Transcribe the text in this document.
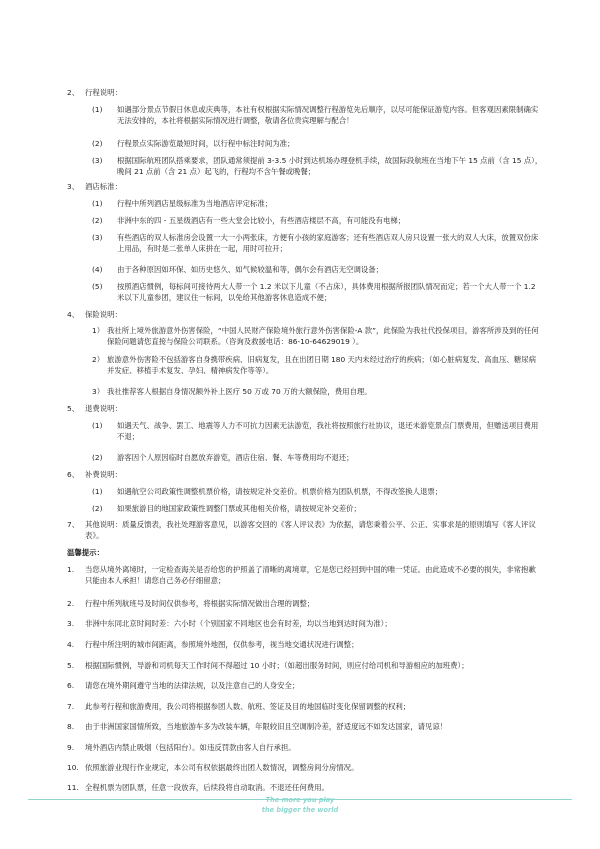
2、 行程说明：
(1) 如遇部分景点节假日休息或庆典等，本社有权根据实际情况调整行程游览先后顺序，以尽可能保证游览内容。但客观因素限制确实无法安排的，本社将根据实际情况进行调整，敬请各位贵宾理解与配合！
(2) 行程景点实际游览最短时间，以行程中标注时间为准；
(3) 根据国际航班团队搭乘要求，团队通常须提前 3-3.5 小时到达机场办理登机手续，故国际段航班在当地下午 15 点前（含 15 点），晚间 21 点前（含 21 点）起飞的，行程均不含午餐或晚餐；
3、 酒店标准：
(1) 行程中所列酒店星级标准为当地酒店评定标准；
(2) 非洲中东的四 - 五星级酒店有一些大堂会比较小，有些酒店楼层不高，有可能没有电梯；
(3) 有些酒店的双人标准房会设置一大一小两张床，方便有小孩的家庭游客；还有些酒店双人房只设置一张大的双人大床，放置双份床上用品，有时是二张单人床拼在一起，用时可拉开；
(4) 由于各种原因如环保、如历史悠久、如气候较温和等，偶尔会有酒店无空调设备；
(5) 按照酒店惯例，每标间可接待两大人带一个 1.2 米以下儿童（不占床），具体费用根据所报团队情况而定；若一个大人带一个 1.2 米以下儿童参团，建议住一标间，以免给其他游客休息造成不便；
4、 保险说明：
1） 我社所上境外旅游意外伤害保险，“中国人民财产保险境外旅行意外伤害保险-A 款”，此保险为我社代投保项目，游客所涉及到的任何保险问题请您直接与保险公司联系。（咨询及救援电话：86-10-64629019 ）。
2） 旅游意外伤害险不包括游客自身携带疾病、旧病复发，且在出团日期 180 天内未经过治疗的疾病；（如心脏病复发、高血压、糖尿病并发症、移植手术复发、孕妇、精神病发作等等）。
3） 我社推荐客人根据自身情况额外补上医疗 50 万或 70 万的大额保险，费用自理。
5、 退费说明：
(1) 如遇天气、战争、罢工、地震等人力不可抗力因素无法游览，我社将按照旅行社协议，退还未游览景点门票费用，但赠送项目费用不退；
(2) 游客因个人原因临时自愿放弃游览，酒店住宿、餐、车等费用均不退还；
6、 补费说明：
(1) 如遇航空公司政策性调整机票价格，请按规定补交差价。机票价格为团队机票，不得改签换人退票；
(2) 如果旅游目的地国家政策性调整门票或其他相关价格，请按规定补交差价；
7、 其他说明：质量反馈表，我社处理游客意见，以游客交回的《客人评议表》为依据，请您秉着公平、公正、实事求是的原则填写《客人评议表》。
温馨提示：
1. 当您从境外离境时，一定检查海关是否给您的护照盖了清晰的离境章，它是您已经回到中国的唯一凭证。由此造成不必要的损失，非常抱歉只能由本人承担！请您自己务必仔细留意；
2. 行程中所列航班号及时间仅供参考，将根据实际情况做出合理的调整；
3. 非洲中东同北京时间时差：六小时（个别国家不同地区也会有时差，均以当地到达时间为准）；
4. 行程中所注明的城市间距离，参照境外地图，仅供参考，视当地交通状况进行调整；
5. 根据国际惯例，导游和司机每天工作时间不得超过 10 小时；（如超出服务时间，则应付给司机和导游相应的加班费）；
6. 请您在境外期间遵守当地的法律法规，以及注意自己的人身安全；
7. 此参考行程和旅游费用，我公司将根据参团人数、航班、签证及目的地国临时变化保留调整的权利；
8. 由于非洲国家国情所致，当地旅游车多为改装车辆，年限较旧且空调制冷差，舒适度远不如发达国家，请见谅！
9. 境外酒店内禁止吸烟（包括阳台）。如违反罚款由客人自行承担。
10. 依照旅游业现行作业规定，本公司有权依据最终出团人数情况，调整房间分房情况。
11. 全程机票为团队票，任意一段放弃，后续段将自动取消。不退还任何费用。
The more you play
the bigger the world
